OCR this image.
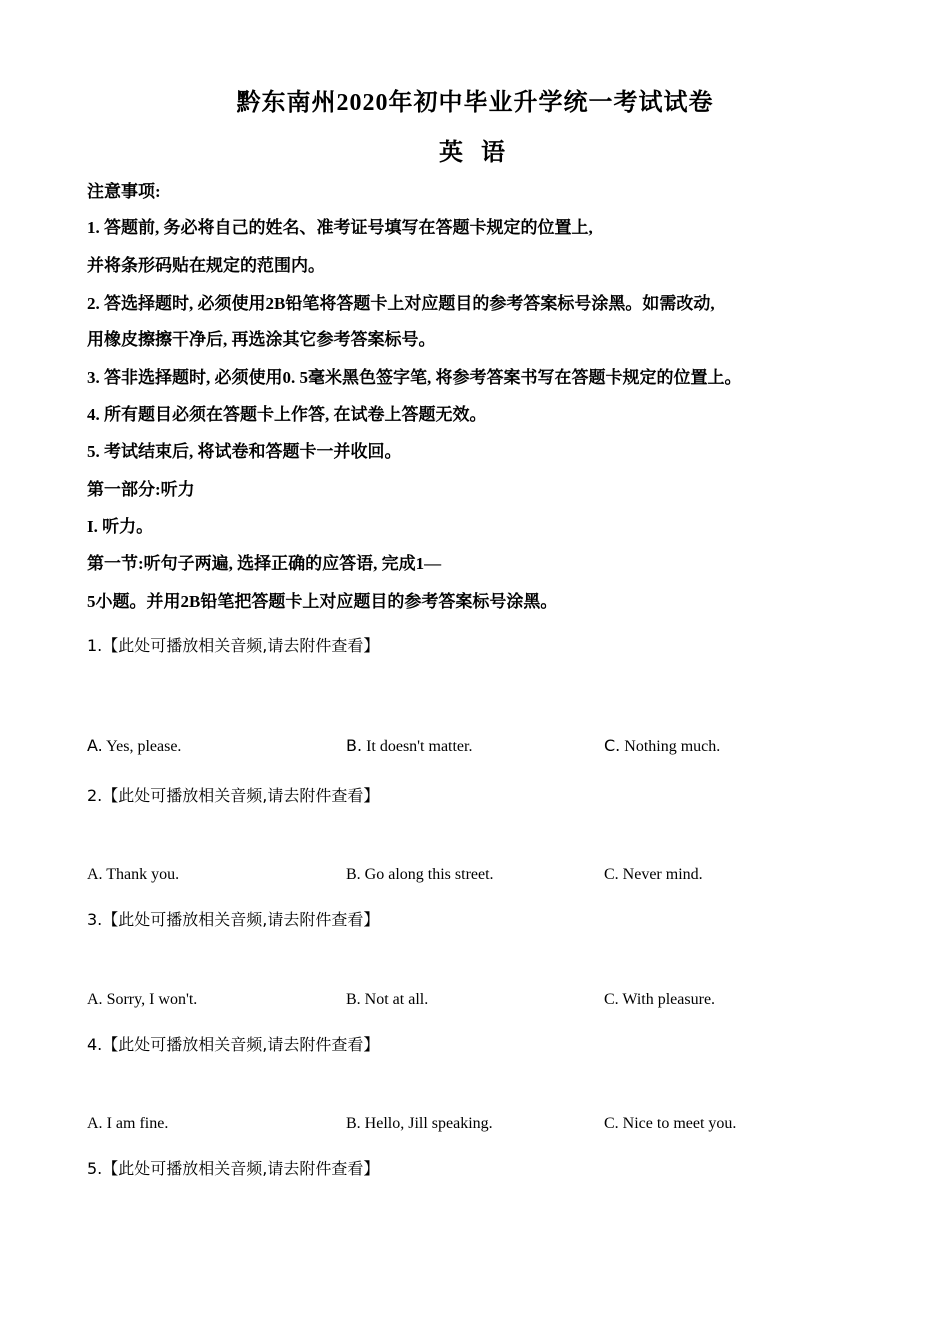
黔东南州2020年初中毕业升学统一考试试卷
英 语
注意事项:
1. 答题前, 务必将自己的姓名、准考证号填写在答题卡规定的位置上,
并将条形码贴在规定的范围内。
2. 答选择题时, 必须使用2B铅笔将答题卡上对应题目的参考答案标号涂黑。如需改动,
用橡皮擦擦干净后, 再选涂其它参考答案标号。
3. 答非选择题时, 必须使用0. 5毫米黑色签字笔, 将参考答案书写在答题卡规定的位置上。
4. 所有题目必须在答题卡上作答, 在试卷上答题无效。
5. 考试结束后, 将试卷和答题卡一并收回。
第一部分:听力
I. 听力。
第一节:听句子两遍, 选择正确的应答语, 完成1—
5小题。并用2B铅笔把答题卡上对应题目的参考答案标号涂黑。
1.【此处可播放相关音频,请去附件查看】
A. Yes, please.	B. It doesn't matter.	C. Nothing much.
2.【此处可播放相关音频,请去附件查看】
A. Thank you.	B. Go along this street.	C. Never mind.
3.【此处可播放相关音频,请去附件查看】
A. Sorry, I won't.	B. Not at all.	C. With pleasure.
4.【此处可播放相关音频,请去附件查看】
A. I am fine.	B. Hello, Jill speaking.	C. Nice to meet you.
5.【此处可播放相关音频,请去附件查看】
